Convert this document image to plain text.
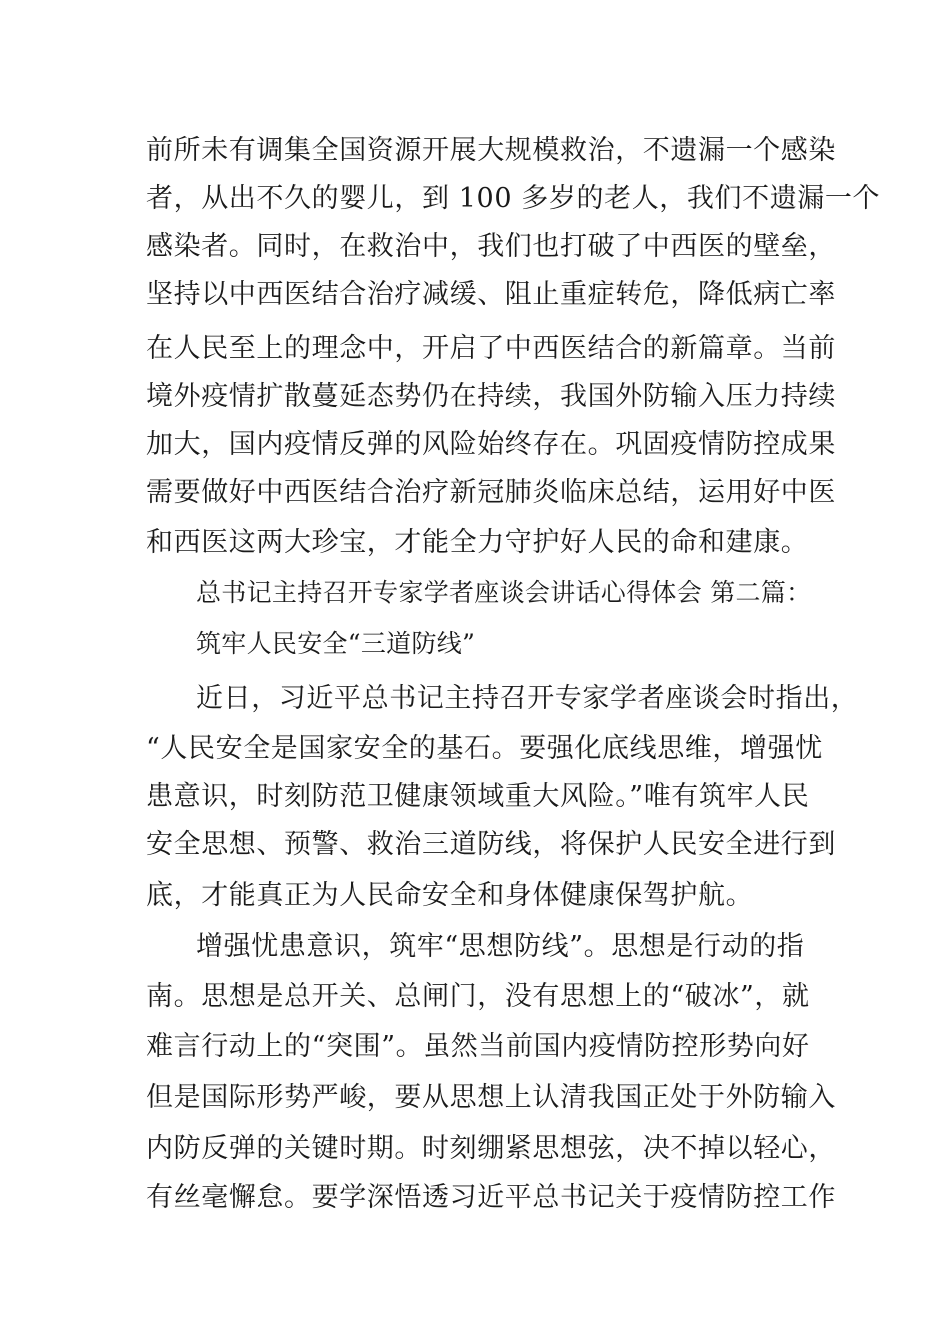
前所未有调集全国资源开展大规模救治，不遗漏一个感染
者，从出不久的婴儿，到 100 多岁的老人，我们不遗漏一个
感染者。同时，在救治中，我们也打破了中西医的壁垒，
坚持以中西医结合治疗减缓、阻止重症转危，降低病亡率
在人民至上的理念中，开启了中西医结合的新篇章。当前
境外疫情扩散蔓延态势仍在持续，我国外防输入压力持续
加大，国内疫情反弹的风险始终存在。巩固疫情防控成果
需要做好中西医结合治疗新冠肺炎临床总结，运用好中医
和西医这两大珍宝，才能全力守护好人民的命和建康。
总书记主持召开专家学者座谈会讲话心得体会 第二篇：
筑牢人民安全“三道防线”
近日，习近平总书记主持召开专家学者座谈会时指出，
“人民安全是国家安全的基石。要强化底线思维，增强忧
患意识，时刻防范卫健康领域重大风险。”唯有筑牢人民
安全思想、预警、救治三道防线，将保护人民安全进行到
底，才能真正为人民命安全和身体健康保驾护航。
增强忧患意识，筑牢“思想防线”。思想是行动的指
南。思想是总开关、总闸门，没有思想上的“破冰”，就
难言行动上的“突围”。虽然当前国内疫情防控形势向好
但是国际形势严峻，要从思想上认清我国正处于外防输入
内防反弹的关键时期。时刻绷紧思想弦，决不掉以轻心，
有丝毫懈怠。要学深悟透习近平总书记关于疫情防控工作
